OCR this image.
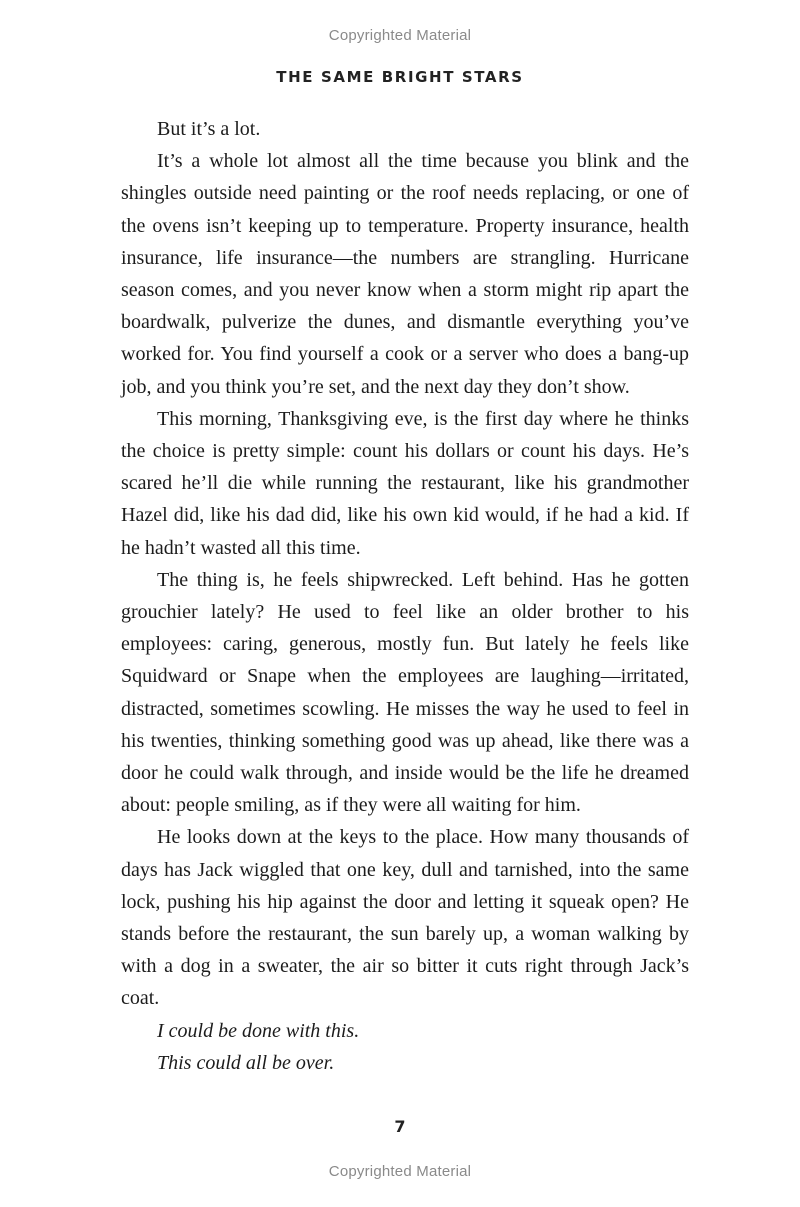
Copyrighted Material
THE SAME BRIGHT STARS

But it’s a lot.

It’s a whole lot almost all the time because you blink and the shingles outside need painting or the roof needs replacing, or one of the ovens isn’t keeping up to temperature. Property insurance, health insurance, life insurance—the numbers are strangling. Hurricane season comes, and you never know when a storm might rip apart the boardwalk, pulverize the dunes, and dismantle everything you’ve worked for. You find yourself a cook or a server who does a bang-up job, and you think you’re set, and the next day they don’t show.

This morning, Thanksgiving eve, is the first day where he thinks the choice is pretty simple: count his dollars or count his days. He’s scared he’ll die while running the restaurant, like his grandmother Hazel did, like his dad did, like his own kid would, if he had a kid. If he hadn’t wasted all this time.

The thing is, he feels shipwrecked. Left behind. Has he gotten grouchier lately? He used to feel like an older brother to his employees: caring, generous, mostly fun. But lately he feels like Squidward or Snape when the employees are laughing—irritated, distracted, sometimes scowling. He misses the way he used to feel in his twenties, thinking something good was up ahead, like there was a door he could walk through, and inside would be the life he dreamed about: people smiling, as if they were all waiting for him.

He looks down at the keys to the place. How many thousands of days has Jack wiggled that one key, dull and tarnished, into the same lock, pushing his hip against the door and letting it squeak open? He stands before the restaurant, the sun barely up, a woman walking by with a dog in a sweater, the air so bitter it cuts right through Jack’s coat.

I could be done with this.

This could all be over.

7
Copyrighted Material
